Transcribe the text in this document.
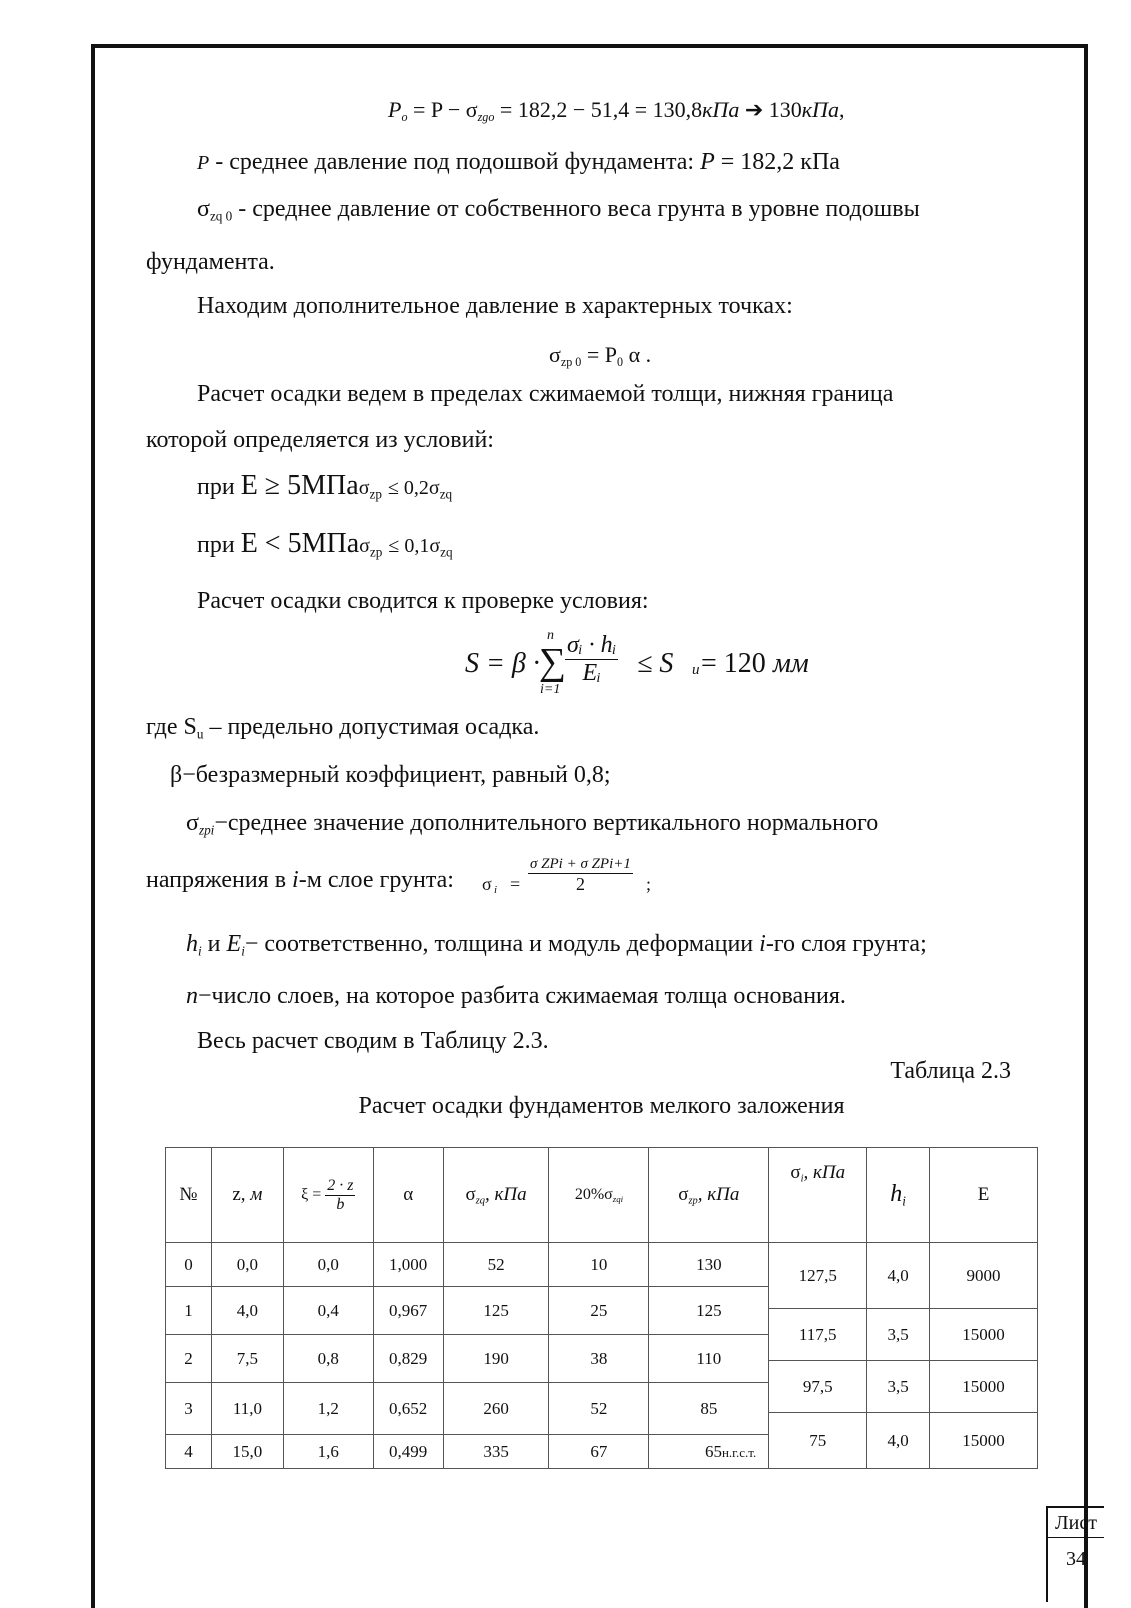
$P_o = P - \sigma_{zgo} = 182,2 - 51,4 = 130,8кПа$ ➔ 130кПа,
P - среднее давление под подошвой фундамента: P = 182,2 кПа
$\sigma_{zq 0}$ - среднее давление от собственного веса грунта в уровне подошвы
фундамента.
Находим дополнительное давление в характерных точках:
$\sigma_{zp 0} = P_0$ α .
Расчет осадки ведем в пределах сжимаемой толщи, нижняя граница
которой определяется из условий:
при $E \ge 5МПа\sigma_{zp} \le 0,2\sigma_{zq}$
при $E < 5МПа\sigma_{zp} \le 0,1\sigma_{zq}$
Расчет осадки сводится к проверке условия:
S = β ·
n
∑
i=1
$\frac{\text{σᵢ · hᵢ}}{\text{Eᵢ}} \le S$ u = 120 мм
где $S_u$ – предельно допустимая осадка.
β−безразмерный коэффициент, равный 0,8;
$\sigma_{zpi}-среднее$ значение дополнительного вертикального нормального
напряжения в i-м слое грунта: σ i =
σ ZPi + σ ZPi+1
2	;
$h_i$ и $E_i-$ соответственно, толщина и модуль деформации i-го слоя грунта;
n−число слоев, на которое разбита сжимаемая толща основания.
Весь расчет сводим в Таблицу 2.3.
Таблица 2.3
Расчет осадки фундаментов мелкого заложения
№	z, м	$\xi = \frac{2 \cdot z}{b}$	α	$\sigma_{zq}$, кПа	$20\%\sigma_{zqi}$	$\sigma_{zp}$, кПа	$\sigma_i$, кПа	$h_i$	E
0	0,0	0,0	1,000	52	10	130	127,5	4,0	9000

1	4,0	0,4	0,967	125	25	125			
							117,5	3,5	15000
2	7,5	0,8	0,829	190	38	110			

							97,5	3,5	15000
3	11,0	1,2	0,652	260	52	85			

							75	4,0	15000
4	15,0	1,6	0,499	335	67	65н.г.с.т.			
Лист
34
